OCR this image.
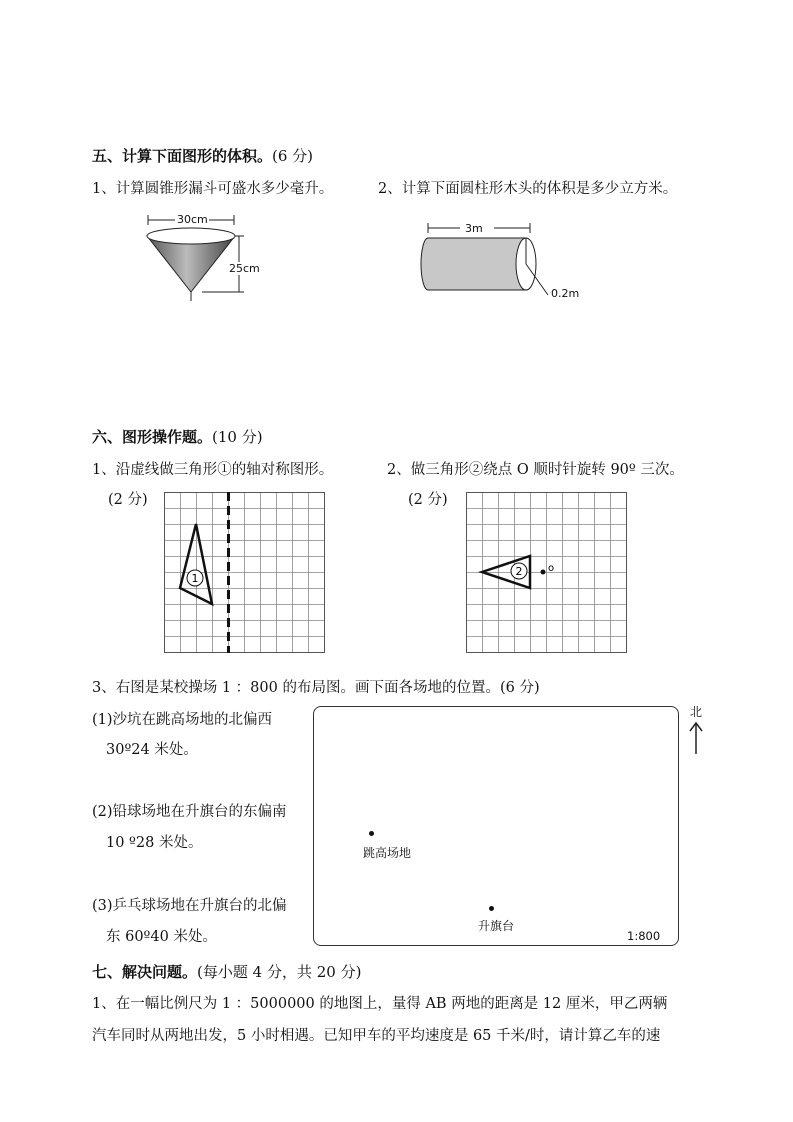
五、计算下面图形的体积。(6 分)
1、计算圆锥形漏斗可盛水多少毫升。	2、计算下面圆柱形木头的体积是多少立方米。
30cm
25cm
3m
0.2m
六、图形操作题。(10 分)
1、沿虚线做三角形①的轴对称图形。	2、做三角形②绕点 O 顺时针旋转 90º 三次。
(2 分)	(2 分)
1
2	o
3、右图是某校操场 1 ：800 的布局图。画下面各场地的位置。(6 分)
(1)沙坑在跳高场地的北偏西
30º24 米处。
(2)铅球场地在升旗台的东偏南
10 º28 米处。
(3)乒乓球场地在升旗台的北偏
东 60º40 米处。
跳高场地
升旗台
1:800
北
七、解决问题。(每小题 4 分，共 20 分)
1、在一幅比例尺为 1 ：5000000 的地图上，量得 AB 两地的距离是 12 厘米，甲乙两辆
汽车同时从两地出发，5 小时相遇。已知甲车的平均速度是 65 千米/时，请计算乙车的速
